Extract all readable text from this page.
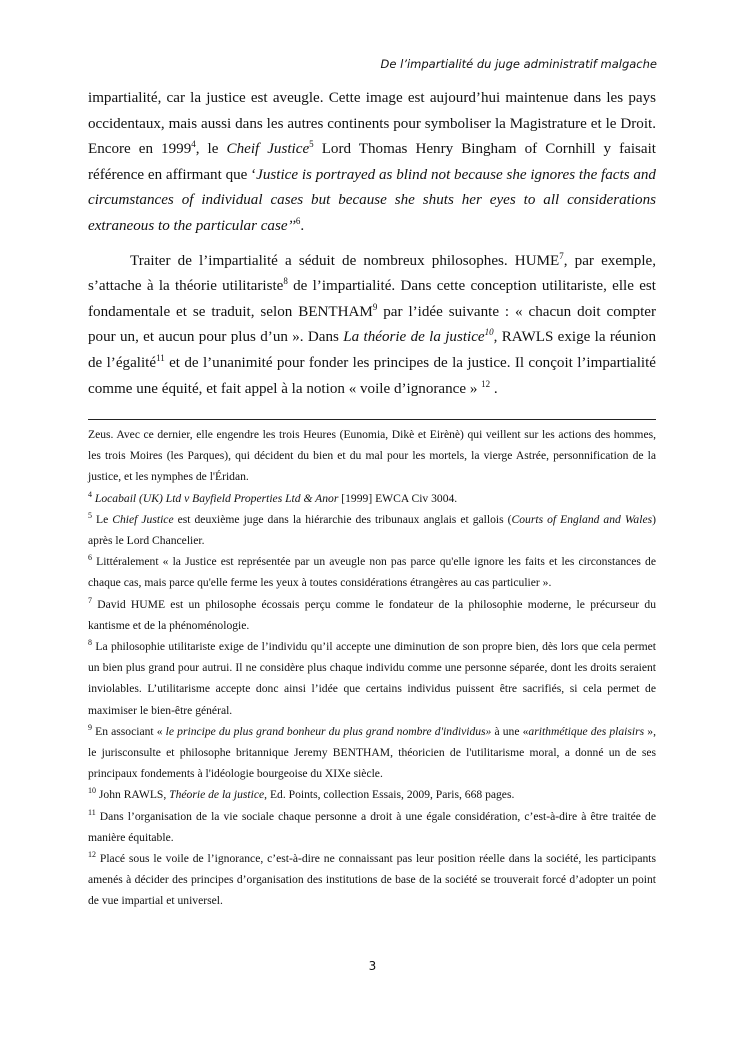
De l’impartialité du juge administratif malgache

impartialité, car la justice est aveugle. Cette image est aujourd’hui maintenue dans les pays occidentaux, mais aussi dans les autres continents pour symboliser la Magistrature et le Droit. Encore en 1999$^4$, le Cheif Justice$^5$ Lord Thomas Henry Bingham of Cornhill y faisait référence en affirmant que ‘Justice is portrayed as blind not because she ignores the facts and circumstances of individual cases but because she shuts her eyes to all considerations extraneous to the particular case’’$^6$.

Traiter de l’impartialité a séduit de nombreux philosophes. HUME$^7$, par exemple, s’attache à la théorie utilitariste$^8$ de l’impartialité. Dans cette conception utilitariste, elle est fondamentale et se traduit, selon BENTHAM$^9$ par l’idée suivante : « chacun doit compter pour un, et aucun pour plus d’un ». Dans La théorie de la justice$^{10}$, RAWLS exige la réunion de l’égalité$^{11}$ et de l’unanimité pour fonder les principes de la justice. Il conçoit l’impartialité comme une équité, et fait appel à la notion « voile d’ignorance » $^{12}$ .

Zeus. Avec ce dernier, elle engendre les trois Heures (Eunomia, Dikè et Eirènè) qui veillent sur les actions des hommes, les trois Moires (les Parques), qui décident du bien et du mal pour les mortels, la vierge Astrée, personnification de la justice, et les nymphes de l'Éridan.

$^4$ Locabail (UK) Ltd v Bayfield Properties Ltd & Anor [1999] EWCA Civ 3004.

$^5$ Le Chief Justice est deuxième juge dans la hiérarchie des tribunaux anglais et gallois (Courts of England and Wales) après le Lord Chancelier.

$^6$ Littéralement « la Justice est représentée par un aveugle non pas parce qu'elle ignore les faits et les circonstances de chaque cas, mais parce qu'elle ferme les yeux à toutes considérations étrangères au cas particulier ».

$^7$ David HUME est un philosophe écossais perçu comme le fondateur de la philosophie moderne, le précurseur du kantisme et de la phénoménologie.

$^8$ La philosophie utilitariste exige de l’individu qu’il accepte une diminution de son propre bien, dès lors que cela permet un bien plus grand pour autrui. Il ne considère plus chaque individu comme une personne séparée, dont les droits seraient inviolables. L’utilitarisme accepte donc ainsi l’idée que certains individus puissent être sacrifiés, si cela permet de maximiser le bien-être général.

$^9$ En associant « le principe du plus grand bonheur du plus grand nombre d'individus» à une «arithmétique des plaisirs », le jurisconsulte et philosophe britannique Jeremy BENTHAM, théoricien de l'utilitarisme moral, a donné un de ses principaux fondements à l'idéologie bourgeoise du XIXe siècle.

$^{10}$ John RAWLS, Théorie de la justice, Ed. Points, collection Essais, 2009, Paris, 668 pages.

$^{11}$ Dans l’organisation de la vie sociale chaque personne a droit à une égale considération, c’est-à-dire à être traitée de manière équitable.

$^{12}$ Placé sous le voile de l’ignorance, c’est-à-dire ne connaissant pas leur position réelle dans la société, les participants amenés à décider des principes d’organisation des institutions de base de la société se trouverait forcé d’adopter un point de vue impartial et universel.

3
